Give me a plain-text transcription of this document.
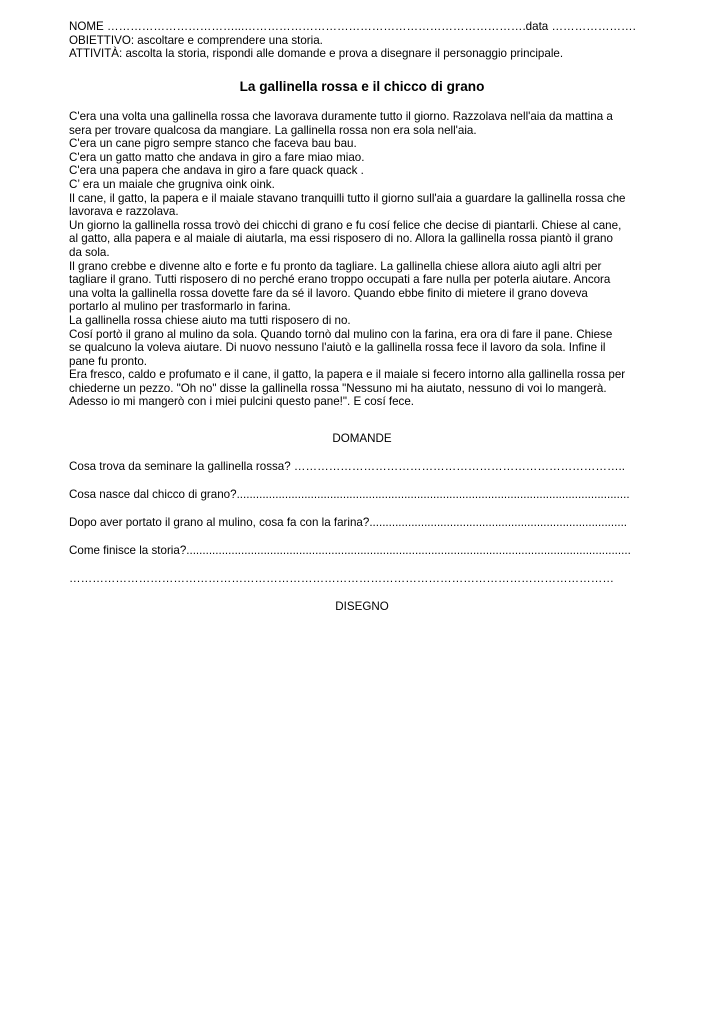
NOME ……………………………...……………………………………………………………….data ………………….
OBIETTIVO: ascoltare e comprendere una storia.
ATTIVITÀ: ascolta la storia, rispondi alle domande e prova a disegnare il personaggio principale.
La gallinella rossa e il chicco di grano
C'era una volta una gallinella rossa che lavorava duramente tutto il giorno. Razzolava nell'aia da mattina a
sera per trovare qualcosa da mangiare. La gallinella rossa non era sola nell'aia.
C'era un cane pigro sempre stanco che faceva bau bau.
C'era un gatto matto che andava in giro a fare miao miao.
C'era una papera che andava in giro a fare quack quack .
C’ era un maiale che grugniva oink oink.
Il cane, il gatto, la papera e il maiale stavano tranquilli tutto il giorno sull'aia a guardare la gallinella rossa che
lavorava e razzolava.
Un giorno la gallinella rossa trovò dei chicchi di grano e fu cosí felice che decise di piantarli. Chiese al cane,
al gatto, alla papera e al maiale di aiutarla, ma essi risposero di no. Allora la gallinella rossa piantò il grano
da sola.
Il grano crebbe e divenne alto e forte e fu pronto da tagliare. La gallinella chiese allora aiuto agli altri per
tagliare il grano. Tutti risposero di no perché erano troppo occupati a fare nulla per poterla aiutare. Ancora
una volta la gallinella rossa dovette fare da sé il lavoro. Quando ebbe finito di mietere il grano doveva
portarlo al mulino per trasformarlo in farina.
La gallinella rossa chiese aiuto ma tutti risposero di no.
Cosí portò il grano al mulino da sola. Quando tornò dal mulino con la farina, era ora di fare il pane. Chiese
se qualcuno la voleva aiutare. Di nuovo nessuno l'aiutò e la gallinella rossa fece il lavoro da sola. Infine il
pane fu pronto.
Era fresco, caldo e profumato e il cane, il gatto, la papera e il maiale si fecero intorno alla gallinella rossa per
chiederne un pezzo. "Oh no" disse la gallinella rossa "Nessuno mi ha aiutato, nessuno di voi lo mangerà.
Adesso io mi mangerò con i miei pulcini questo pane!". E cosí fece.
DOMANDE
Cosa trova da seminare la gallinella rossa? …………………………………………………………………………..
Cosa nasce dal chicco di grano?..........................................................................................................................
Dopo aver portato il grano al mulino, cosa fa con la farina?................................................................................
Come finisce la storia?..........................................................................................................................................
……………………………………………………………………………………………………………………………
DISEGNO
